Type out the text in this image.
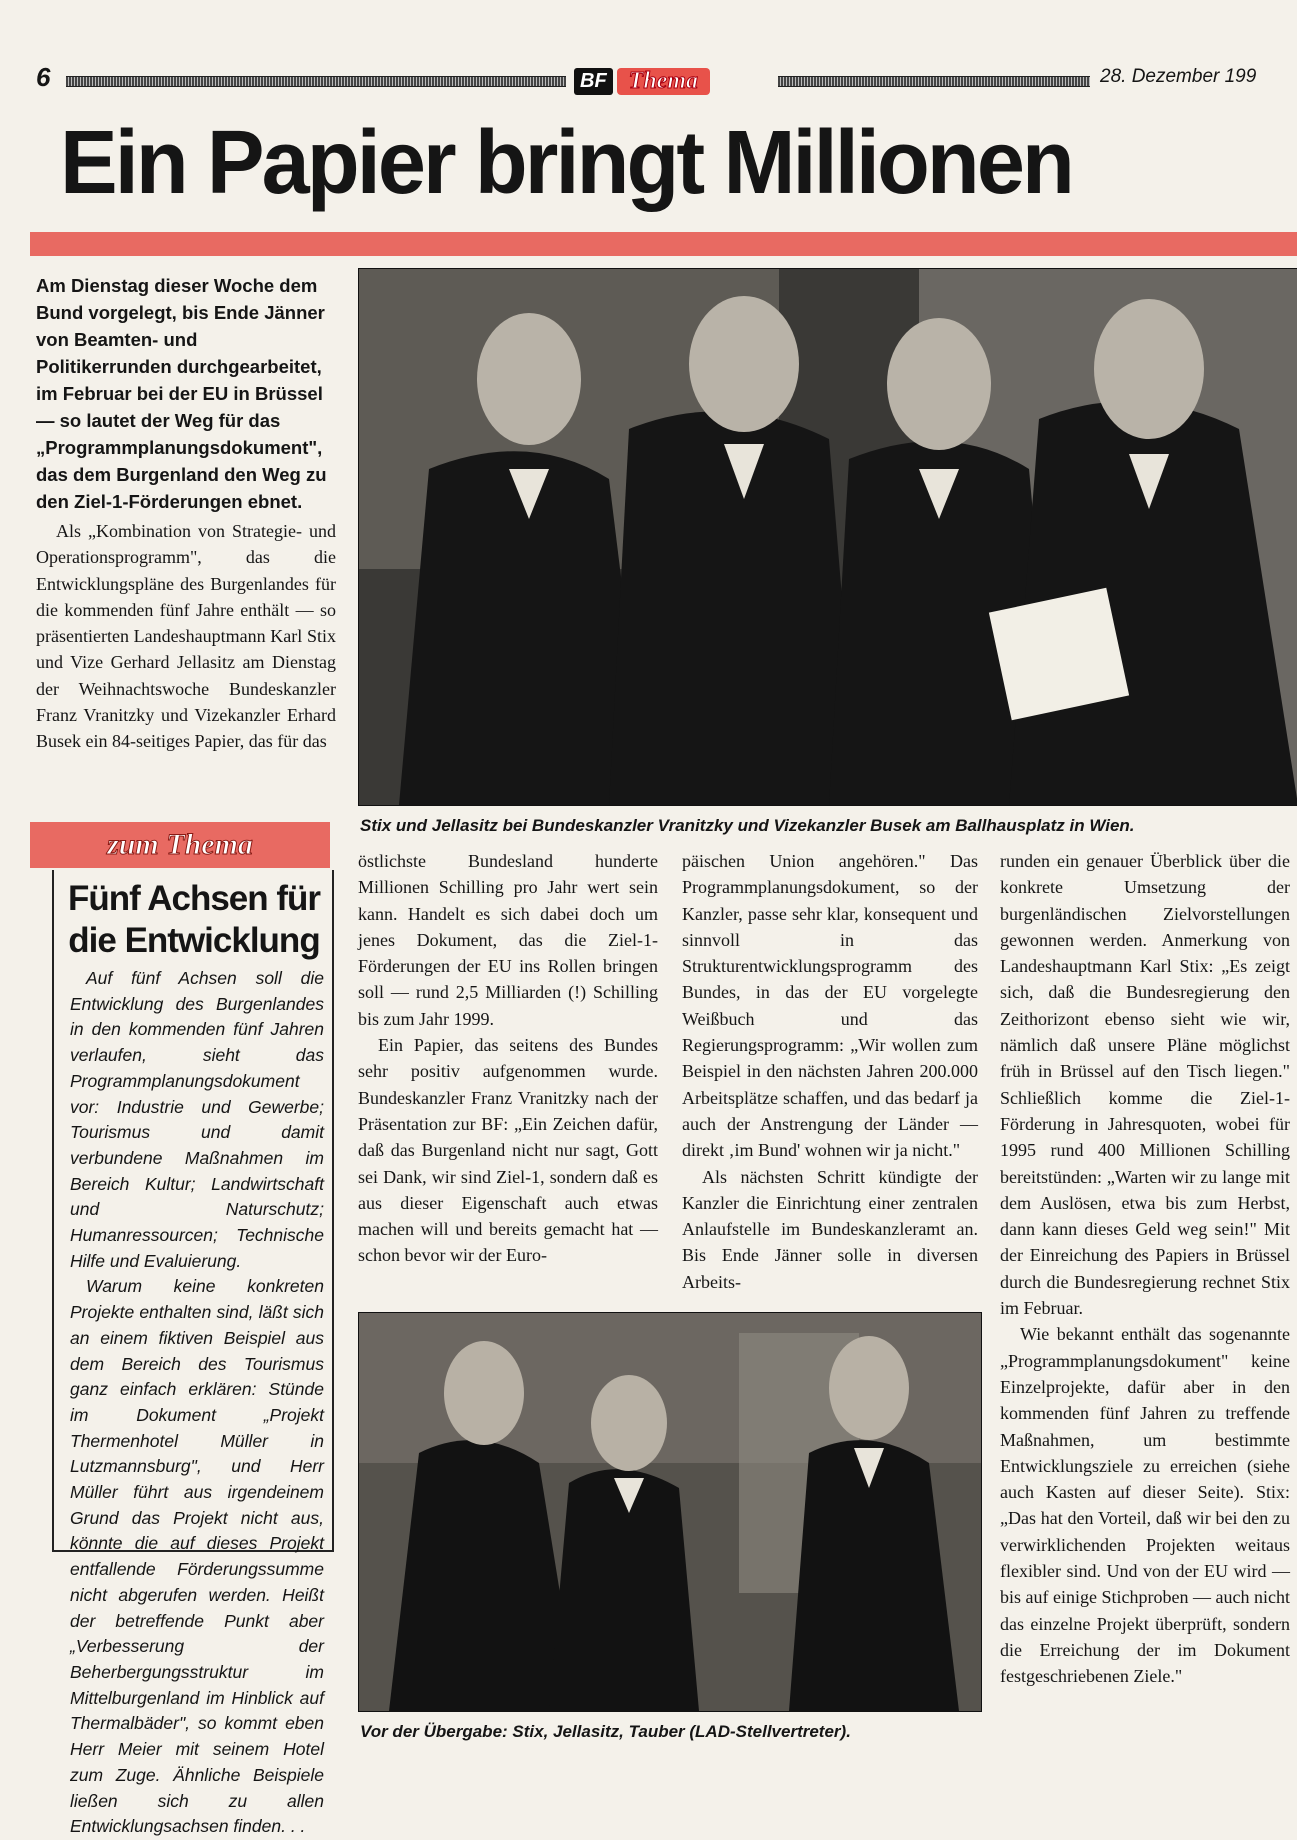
6	BF Thema	28. Dezember 199
Ein Papier bringt Millionen
Am Dienstag dieser Woche dem Bund vorgelegt, bis Ende Jänner von Beamten- und Politikerrunden durchgearbeitet, im Februar bei der EU in Brüssel — so lautet der Weg für das „Programmplanungsdokument", das dem Burgenland den Weg zu den Ziel-1-Förderungen ebnet.

Als „Kombination von Strategie- und Operationsprogramm", das die Entwicklungspläne des Burgenlandes für die kommenden fünf Jahre enthält — so präsentierten Landeshauptmann Karl Stix und Vize Gerhard Jellasitz am Dienstag der Weihnachtswoche Bundeskanzler Franz Vranitzky und Vizekanzler Erhard Busek ein 84-seitiges Papier, das für das

Stix und Jellasitz bei Bundeskanzler Vranitzky und Vizekanzler Busek am Ballhausplatz in Wien.
zum Thema
Fünf Achsen für die Entwicklung

Auf fünf Achsen soll die Entwicklung des Burgenlandes in den kommenden fünf Jahren verlaufen, sieht das Programmplanungsdokument vor: Industrie und Gewerbe; Tourismus und damit verbundene Maßnahmen im Bereich Kultur; Landwirtschaft und Naturschutz; Humanressourcen; Technische Hilfe und Evaluierung.

Warum keine konkreten Projekte enthalten sind, läßt sich an einem fiktiven Beispiel aus dem Bereich des Tourismus ganz einfach erklären: Stünde im Dokument „Projekt Thermenhotel Müller in Lutzmannsburg", und Herr Müller führt aus irgendeinem Grund das Projekt nicht aus, könnte die auf dieses Projekt entfallende Förderungssumme nicht abgerufen werden. Heißt der betreffende Punkt aber „Verbesserung der Beherbergungsstruktur im Mittelburgenland im Hinblick auf Thermalbäder", so kommt eben Herr Meier mit seinem Hotel zum Zuge. Ähnliche Beispiele ließen sich zu allen Entwicklungsachsen finden. . .

östlichste Bundesland hunderte Millionen Schilling pro Jahr wert sein kann. Handelt es sich dabei doch um jenes Dokument, das die Ziel-1-Förderungen der EU ins Rollen bringen soll — rund 2,5 Milliarden (!) Schilling bis zum Jahr 1999.

Ein Papier, das seitens des Bundes sehr positiv aufgenommen wurde. Bundeskanzler Franz Vranitzky nach der Präsentation zur BF: „Ein Zeichen dafür, daß das Burgenland nicht nur sagt, Gott sei Dank, wir sind Ziel-1, sondern daß es aus dieser Eigenschaft auch etwas machen will und bereits gemacht hat — schon bevor wir der Euro-

päischen Union angehören." Das Programmplanungsdokument, so der Kanzler, passe sehr klar, konsequent und sinnvoll in das Strukturentwicklungsprogramm des Bundes, in das der EU vorgelegte Weißbuch und das Regierungsprogramm: „Wir wollen zum Beispiel in den nächsten Jahren 200.000 Arbeitsplätze schaffen, und das bedarf ja auch der Anstrengung der Länder — direkt ‚im Bund' wohnen wir ja nicht."

Als nächsten Schritt kündigte der Kanzler die Einrichtung einer zentralen Anlaufstelle im Bundeskanzleramt an. Bis Ende Jänner solle in diversen Arbeits-

runden ein genauer Überblick über die konkrete Umsetzung der burgenländischen Zielvorstellungen gewonnen werden. Anmerkung von Landeshauptmann Karl Stix: „Es zeigt sich, daß die Bundesregierung den Zeithorizont ebenso sieht wie wir, nämlich daß unsere Pläne möglichst früh in Brüssel auf den Tisch liegen." Schließlich komme die Ziel-1-Förderung in Jahresquoten, wobei für 1995 rund 400 Millionen Schilling bereitstünden: „Warten wir zu lange mit dem Auslösen, etwa bis zum Herbst, dann kann dieses Geld weg sein!" Mit der Einreichung des Papiers in Brüssel durch die Bundesregierung rechnet Stix im Februar.

Wie bekannt enthält das sogenannte „Programmplanungsdokument" keine Einzelprojekte, dafür aber in den kommenden fünf Jahren zu treffende Maßnahmen, um bestimmte Entwicklungsziele zu erreichen (siehe auch Kasten auf dieser Seite). Stix: „Das hat den Vorteil, daß wir bei den zu verwirklichenden Projekten weitaus flexibler sind. Und von der EU wird — bis auf einige Stichproben — auch nicht das einzelne Projekt überprüft, sondern die Erreichung der im Dokument festgeschriebenen Ziele."

Vor der Übergabe: Stix, Jellasitz, Tauber (LAD-Stellvertreter).
